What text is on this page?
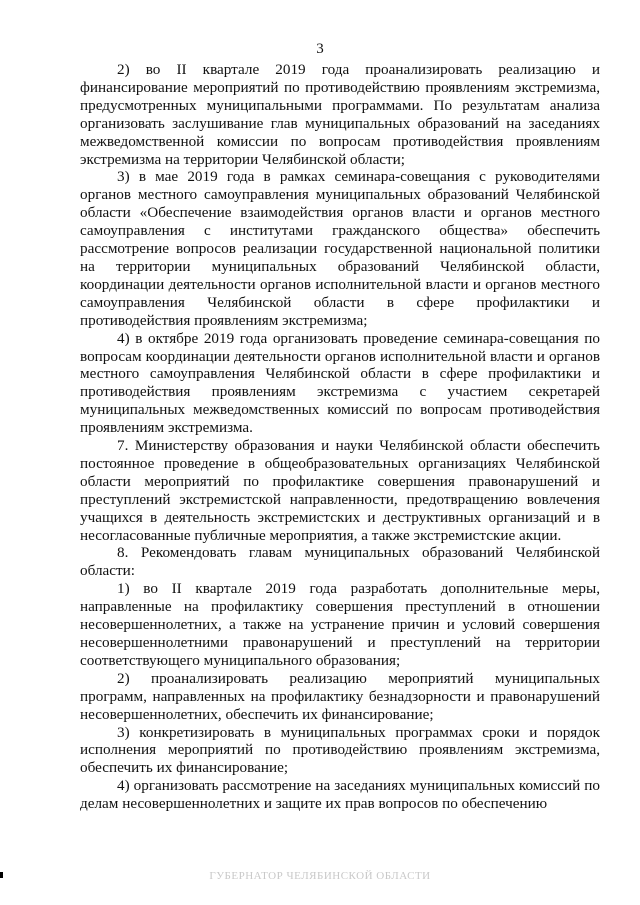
3

2) во II квартале 2019 года проанализировать реализацию и финансирование мероприятий по противодействию проявлениям экстремизма, предусмотренных муниципальными программами. По результатам анализа организовать заслушивание глав муниципальных образований на заседаниях межведомственной комиссии по вопросам противодействия проявлениям экстремизма на территории Челябинской области;

3) в мае 2019 года в рамках семинара-совещания с руководителями органов местного самоуправления муниципальных образований Челябинской области «Обеспечение взаимодействия органов власти и органов местного самоуправления с институтами гражданского общества» обеспечить рассмотрение вопросов реализации государственной национальной политики на территории муниципальных образований Челябинской области, координации деятельности органов исполнительной власти и органов местного самоуправления Челябинской области в сфере профилактики и противодействия проявлениям экстремизма;

4) в октябре 2019 года организовать проведение семинара-совещания по вопросам координации деятельности органов исполнительной власти и органов местного самоуправления Челябинской области в сфере профилактики и противодействия проявлениям экстремизма с участием секретарей муниципальных межведомственных комиссий по вопросам противодействия проявлениям экстремизма.

7. Министерству образования и науки Челябинской области обеспечить постоянное проведение в общеобразовательных организациях Челябинской области мероприятий по профилактике совершения правонарушений и преступлений экстремистской направленности, предотвращению вовлечения учащихся в деятельность экстремистских и деструктивных организаций и в несогласованные публичные мероприятия, а также экстремистские акции.

8. Рекомендовать главам муниципальных образований Челябинской области:

1) во II квартале 2019 года разработать дополнительные меры, направленные на профилактику совершения преступлений в отношении несовершеннолетних, а также на устранение причин и условий совершения несовершеннолетними правонарушений и преступлений на территории соответствующего муниципального образования;

2) проанализировать реализацию мероприятий муниципальных программ, направленных на профилактику безнадзорности и правонарушений несовершеннолетних, обеспечить их финансирование;

3) конкретизировать в муниципальных программах сроки и порядок исполнения мероприятий по противодействию проявлениям экстремизма, обеспечить их финансирование;

4) организовать рассмотрение на заседаниях муниципальных комиссий по делам несовершеннолетних и защите их прав вопросов по обеспечению

ГУБЕРНАТОР ЧЕЛЯБИНСКОЙ ОБЛАСТИ
